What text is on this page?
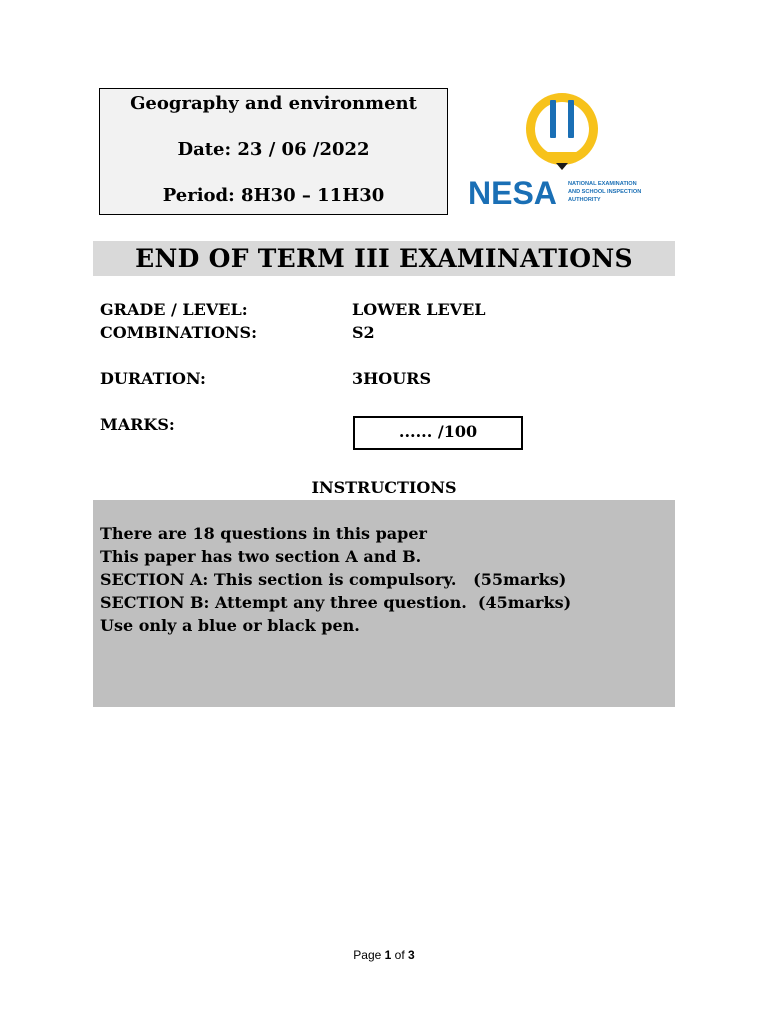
Geography and environment
Date: 23 / 06 /2022
Period: 8H30 – 11H30	NESA NATIONAL EXAMINATION
AND SCHOOL INSPECTION
AUTHORITY
END OF TERM III EXAMINATIONS
GRADE / LEVEL:	LOWER LEVEL
COMBINATIONS:	S2
DURATION:	3HOURS
MARKS:	...... /100
INSTRUCTIONS
There are 18 questions in this paper
This paper has two section A and B.
SECTION A: This section is compulsory.   (55marks)
SECTION B: Attempt any three question.  (45marks)
Use only a blue or black pen.
Page 1 of 3
